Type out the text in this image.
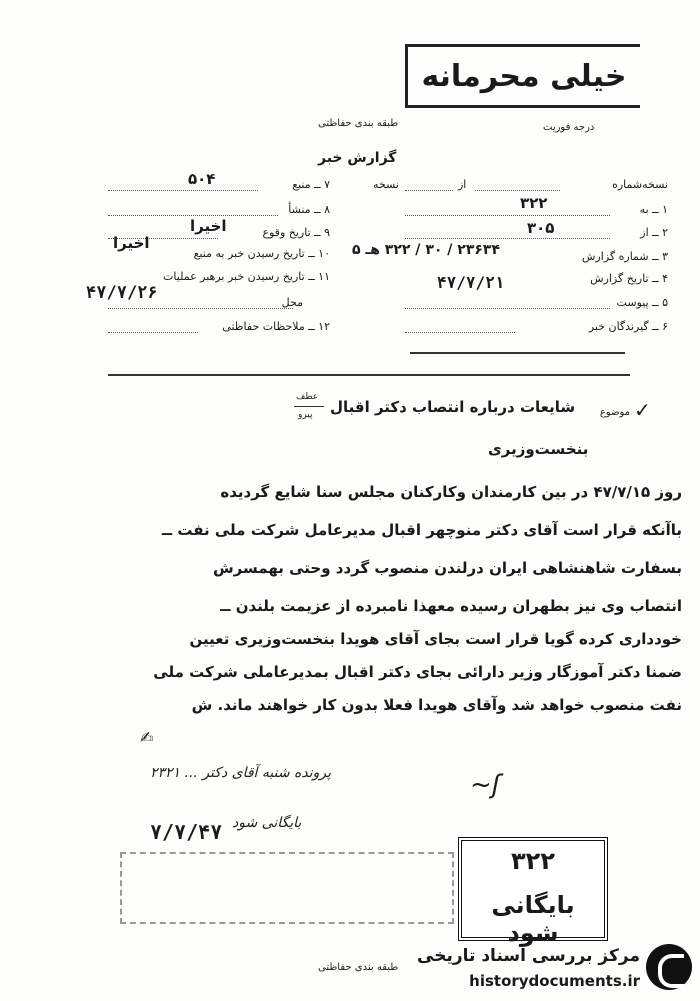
خیلی محرمانه
درجه فوریت
طبقه بندی حفاظتی
گزارش خبر
۷ ــ منبع
۵۰۴
۸ ــ منشأ
۹ ــ تاریخ وقوع
اخیرا
۱۰ ــ تاریخ رسیدن خبر به منبع
اخیرا
۱۱ ــ تاریخ رسیدن خبر برهبر عملیات
۴۷/۷/۲۶	محل
۱۲ ــ ملاحظات حفاظتی
نسخه‌شماره
از
نسخه
۱ ــ به
۳۲۲
۲ ــ از
۳۰۵
۳ ــ شماره گزارش
۲۳۶۳۴ / ۳۰ / ۳۲۲ هـ ۵
۴ ــ تاریخ گزارش
۴۷/۷/۲۱
۵ ــ پیوست
۶ ــ گیرندگان خبر
✓
موضوع
شایعات درباره انتصاب دکتر اقبال
عطف
پیرو
بنخست‌وزیری
روز ۴۷/۷/۱۵ در بین کارمندان وکارکنان مجلس سنا شایع گردیده
باآنکه قرار است آقای دکتر منوچهر اقبال مدیرعامل شرکت ملی نفت ــ
بسفارت شاهنشاهی ایران درلندن منصوب گردد وحتی بهمسرش
انتصاب وی نیز بطهران رسیده معهذا نامبرده از عزیمت بلندن ــ
خودداری کرده گویا قرار است بجای آقای هویدا بنخست‌وزیری تعیین
ضمنا دکتر آموزگار وزیر دارائی بجای دکتر اقبال بمدیرعاملی شرکت ملی
نفت منصوب خواهد شد وآقای هویدا فعلا بدون کار خواهند ماند. ش
✍
پرونده شنبه آقای دکتر ... ۲۳۲۱
بایگانی شود
۷/۷/۴۷
~ʃ
۳۲۲
بایگانی شود
طبقه بندی حفاظتی
مرکز بررسی اسناد تاریخی
historydocuments.ir
